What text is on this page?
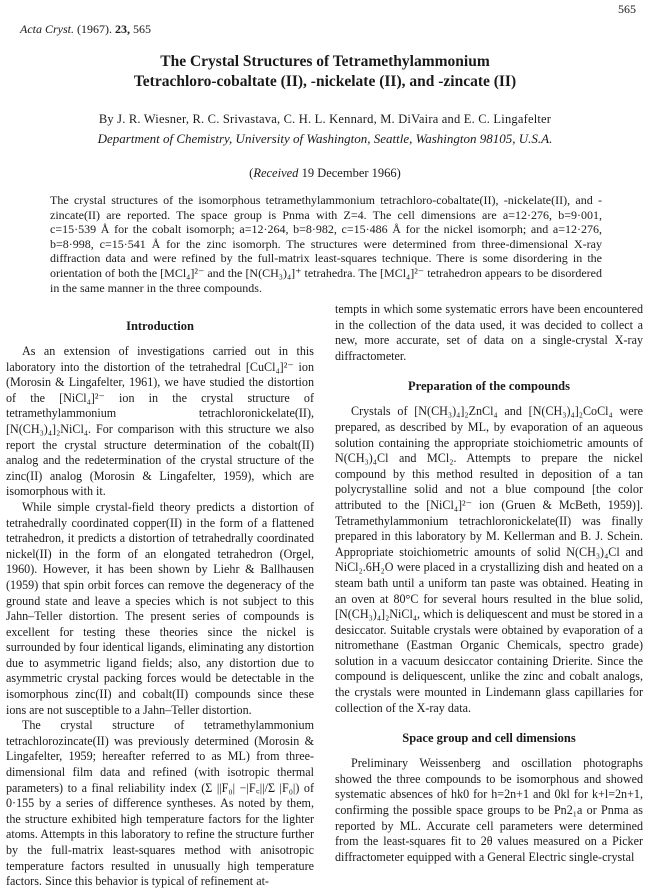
565
Acta Cryst. (1967). 23, 565
The Crystal Structures of Tetramethylammonium
Tetrachloro-cobaltate (II), -nickelate (II), and -zincate (II)
By J. R. Wiesner, R. C. Srivastava, C. H. L. Kennard, M. DiVaira and E. C. Lingafelter
Department of Chemistry, University of Washington, Seattle, Washington 98105, U.S.A.
(Received 19 December 1966)

The crystal structures of the isomorphous tetramethylammonium tetrachloro-cobaltate(II), -nickelate(II), and -zincate(II) are reported. The space group is Pnma with Z=4. The cell dimensions are a=12·276, b=9·001, c=15·539 Å for the cobalt isomorph; a=12·264, b=8·982, c=15·486 Å for the nickel isomorph; and a=12·276, b=8·998, c=15·541 Å for the zinc isomorph. The structures were determined from three-dimensional X-ray diffraction data and were refined by the full-matrix least-squares technique. There is some disordering in the orientation of both the [MCl₄]²⁻ and the [N(CH₃)₄]⁺ tetrahedra. The [MCl₄]²⁻ tetrahedron appears to be disordered in the same manner in the three compounds.

Introduction

As an extension of investigations carried out in this laboratory into the distortion of the tetrahedral [CuCl₄]²⁻ ion (Morosin & Lingafelter, 1961), we have studied the distortion of the [NiCl₄]²⁻ ion in the crystal structure of tetramethylammonium tetrachloronickelate(II), [N(CH₃)₄]₂NiCl₄. For comparison with this structure we also report the crystal structure determination of the cobalt(II) analog and the redetermination of the crystal structure of the zinc(II) analog (Morosin & Lingafelter, 1959), which are isomorphous with it.

While simple crystal-field theory predicts a distortion of tetrahedrally coordinated copper(II) in the form of a flattened tetrahedron, it predicts a distortion of tetrahedrally coordinated nickel(II) in the form of an elongated tetrahedron (Orgel, 1960). However, it has been shown by Liehr & Ballhausen (1959) that spin orbit forces can remove the degeneracy of the ground state and leave a species which is not subject to this Jahn–Teller distortion. The present series of compounds is excellent for testing these theories since the nickel is surrounded by four identical ligands, eliminating any distortion due to asymmetric ligand fields; also, any distortion due to asymmetric crystal packing forces would be detectable in the isomorphous zinc(II) and cobalt(II) compounds since these ions are not susceptible to a Jahn–Teller distortion.

The crystal structure of tetramethylammonium tetrachlorozincate(II) was previously determined (Morosin & Lingafelter, 1959; hereafter referred to as ML) from three-dimensional film data and refined (with isotropic thermal parameters) to a final reliability index (Σ ||F₀| −|F꜀||/Σ |F₀|) of 0·155 by a series of difference syntheses. As noted by them, the structure exhibited high temperature factors for the lighter atoms. Attempts in this laboratory to refine the structure further by the full-matrix least-squares method with anisotropic temperature factors resulted in unusually high temperature factors. Since this behavior is typical of refinement at-

tempts in which some systematic errors have been encountered in the collection of the data used, it was decided to collect a new, more accurate, set of data on a single-crystal X-ray diffractometer.

Preparation of the compounds

Crystals of [N(CH₃)₄]₂ZnCl₄ and [N(CH₃)₄]₂CoCl₄ were prepared, as described by ML, by evaporation of an aqueous solution containing the appropriate stoichiometric amounts of N(CH₃)₄Cl and MCl₂. Attempts to prepare the nickel compound by this method resulted in deposition of a tan polycrystalline solid and not a blue compound [the color attributed to the [NiCl₄]²⁻ ion (Gruen & McBeth, 1959)]. Tetramethylammonium tetrachloronickelate(II) was finally prepared in this laboratory by M. Kellerman and B. J. Schein. Appropriate stoichiometric amounts of solid N(CH₃)₄Cl and NiCl₂.6H₂O were placed in a crystallizing dish and heated on a steam bath until a uniform tan paste was obtained. Heating in an oven at 80°C for several hours resulted in the blue solid, [N(CH₃)₄]₂NiCl₄, which is deliquescent and must be stored in a desiccator. Suitable crystals were obtained by evaporation of a nitromethane (Eastman Organic Chemicals, spectro grade) solution in a vacuum desiccator containing Drierite. Since the compound is deliquescent, unlike the zinc and cobalt analogs, the crystals were mounted in Lindemann glass capillaries for collection of the X-ray data.

Space group and cell dimensions

Preliminary Weissenberg and oscillation photographs showed the three compounds to be isomorphous and showed systematic absences of hk0 for h=2n+1 and 0kl for k+l=2n+1, confirming the possible space groups to be Pn2₁a or Pnma as reported by ML. Accurate cell parameters were determined from the least-squares fit to 2θ values measured on a Picker diffractometer equipped with a General Electric single-crystal
